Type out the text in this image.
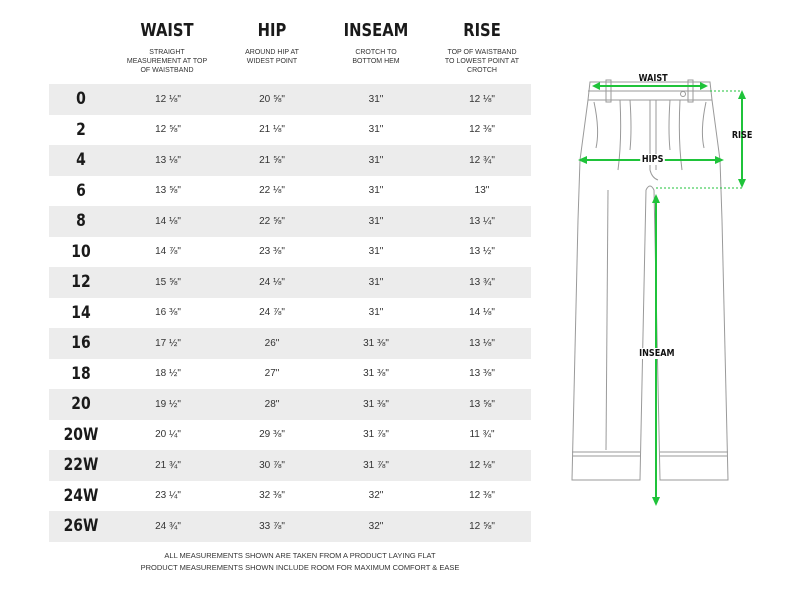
WAIST
STRAIGHT
MEASUREMENT AT TOP
OF WAISTBAND
HIP
AROUND HIP AT
WIDEST POINT
INSEAM
CROTCH TO
BOTTOM HEM
RISE
TOP OF WAISTBAND
TO LOWEST POINT AT
CROTCH
0	12 ⅛"	20 ⅝"	31"	12 ⅛"
2	12 ⅝"	21 ⅛"	31"	12 ⅜"
4	13 ⅛"	21 ⅝"	31"	12 ¾"
6	13 ⅝"	22 ⅛"	31"	13"
8	14 ⅛"	22 ⅝"	31"	13 ¼"
10	14 ⅞"	23 ⅜"	31"	13 ½"
12	15 ⅝"	24 ⅛"	31"	13 ¾"
14	16 ⅜"	24 ⅞"	31"	14 ⅛"
16	17 ½"	26"	31 ⅜"	13 ⅛"
18	18 ½"	27"	31 ⅜"	13 ⅜"
20	19 ½"	28"	31 ⅜"	13 ⅝"
20W	20 ¼"	29 ⅜"	31 ⅞"	11 ¾"
22W	21 ¾"	30 ⅞"	31 ⅞"	12 ⅛"
24W	23 ¼"	32 ⅜"	32"	12 ⅜"
26W	24 ¾"	33 ⅞"	32"	12 ⅝"
ALL MEASUREMENTS SHOWN ARE TAKEN FROM A PRODUCT LAYING FLAT
PRODUCT MEASUREMENTS SHOWN INCLUDE ROOM FOR MAXIMUM COMFORT & EASE
WAIST
RISE
HIPS
INSEAM
